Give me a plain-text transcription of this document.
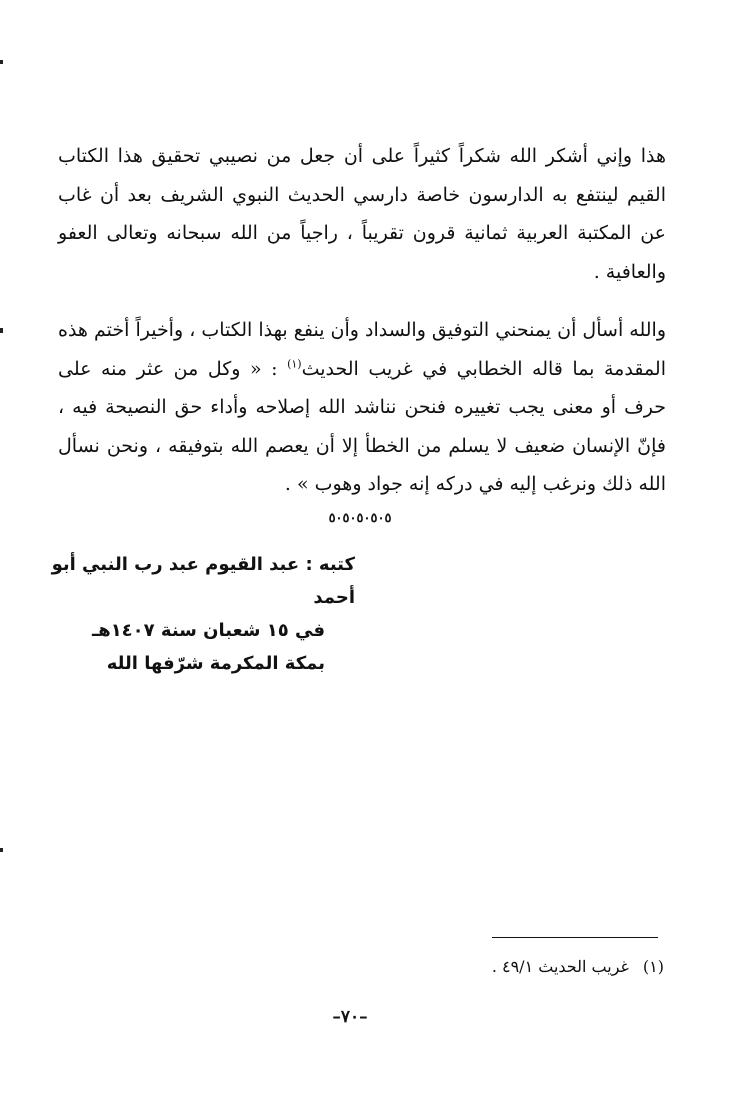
هذا وإني أشكر الله شكراً كثيراً على أن جعل من نصيبي تحقيق هذا الكتاب القيم لينتفع به الدارسون خاصة دارسي الحديث النبوي الشريف بعد أن غاب عن المكتبة العربية ثمانية قرون تقريباً ، راجياً من الله سبحانه وتعالى العفو والعافية .

والله أسأل أن يمنحني التوفيق والسداد وأن ينفع بهذا الكتاب ، وأخيراً أختم هذه المقدمة بما قاله الخطابي في غريب الحديث$^{(١)}$ : « وكل من عثر منه على حرف أو معنى يجب تغييره فنحن نناشد الله إصلاحه وأداء حق النصيحة فيه ، فإنّ الإنسان ضعيف لا يسلم من الخطأ إلا أن يعصم الله بتوفيقه ، ونحن نسأل الله ذلك ونرغب إليه في دركه إنه جواد وهوب » .

٥٠٥٠٥٠٥٠٥
كتبه : عبد القيوم عبد رب النبي أبو أحمد
في ١٥ شعبان سنة ١٤٠٧هـ
بمكة المكرمة شرّفها الله
(١)غريب الحديث ٤٩/١ .
–٧٠–
